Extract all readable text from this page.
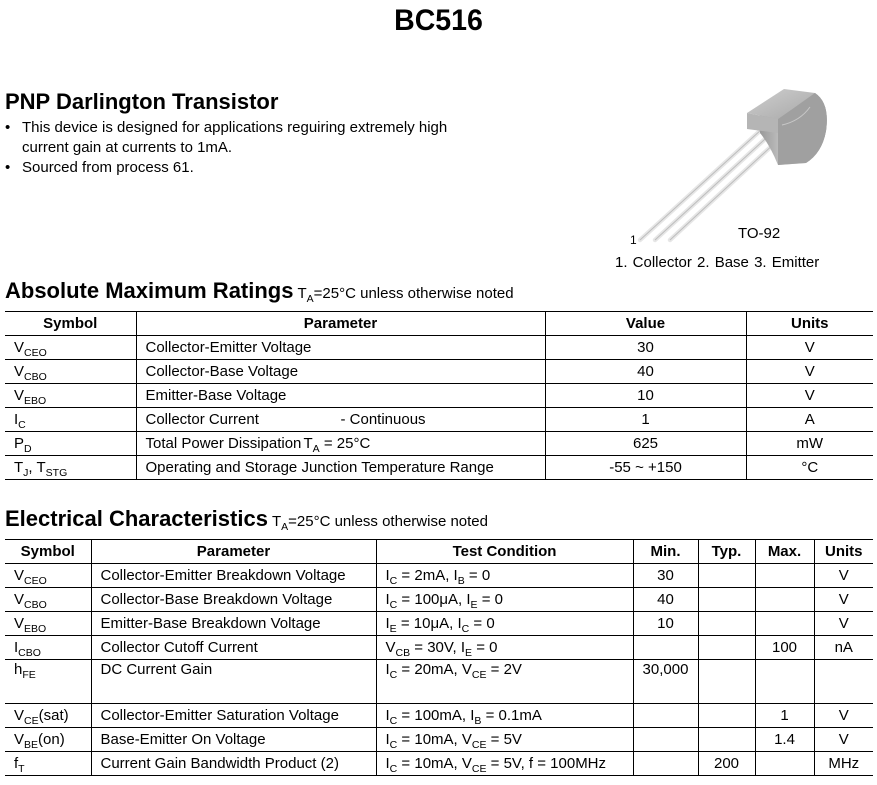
BC516
PNP Darlington Transistor
• This device is designed for applications reguiring extremely high current gain at currents to 1mA.
• Sourced from process 61.
1	TO-92
1. Collector 2. Base 3. Emitter
Absolute Maximum Ratings $T_A=25^\circ C$ unless otherwise noted
Symbol	Parameter	Value	Units
$V_{CEO}$	Collector-Emitter Voltage	30	V
$V_{CBO}$	Collector-Base Voltage	40	V
$V_{EBO}$	Emitter-Base Voltage	10	V
$I_C$	Collector Current - Continuous	1	A
$P_D$	Total Power Dissipation $T_A = 25^\circ C$	625	mW
$T_J$, $T_{STG}$	Operating and Storage Junction Temperature Range	-55 ~ +150	°C
Electrical Characteristics $T_A=25^\circ C$ unless otherwise noted
Symbol	Parameter	Test Condition	Min.	Typ.	Max.	Units
$V_{CEO}$	Collector-Emitter Breakdown Voltage	$I_C = 2mA$, $I_B = 0$	30			V
$V_{CBO}$	Collector-Base Breakdown Voltage	$I_C = 100\mu A$, $I_E = 0$	40			V
$V_{EBO}$	Emitter-Base Breakdown Voltage	$I_E = 10\mu A$, $I_C = 0$	10			V
$I_{CBO}$	Collector Cutoff Current	$V_{CB} = 30V$, $I_E = 0$			100	nA
$h_{FE}$	DC Current Gain	$I_C = 20mA$, $V_{CE} = 2V$	30,000			
$V_{CE}(sat)$	Collector-Emitter Saturation Voltage	$I_C = 100mA$, $I_B = 0.1mA$			1	V
$V_{BE}(on)$	Base-Emitter On Voltage	$I_C = 10mA$, $V_{CE} = 5V$			1.4	V
$f_T$	Current Gain Bandwidth Product (2)	$I_C = 10mA$, $V_{CE} = 5V$, f = 100MHz		200		MHz
